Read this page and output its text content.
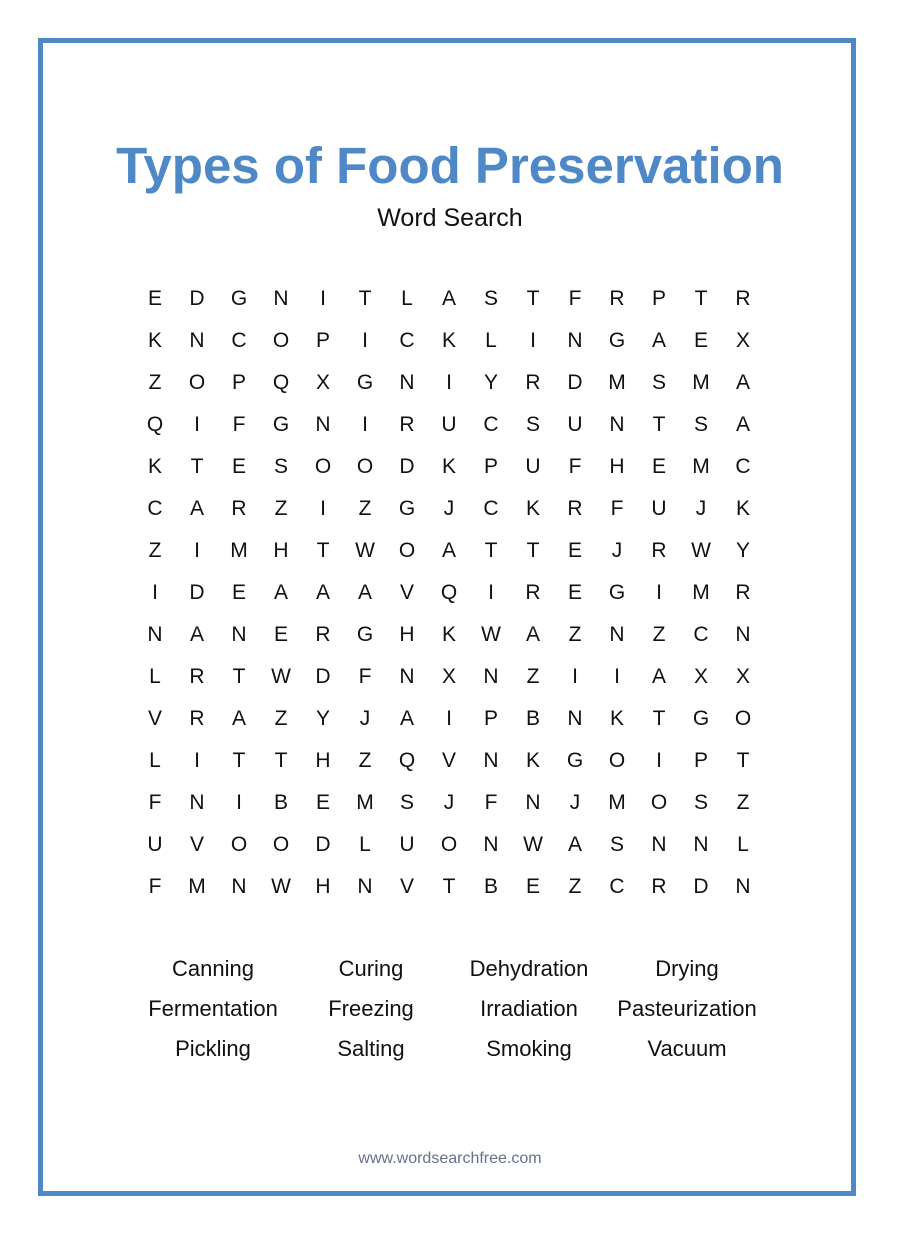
Types of Food Preservation
Word Search
E	D	G	N	I	T	L	A	S	T	F	R	P	T	R
K	N	C	O	P	I	C	K	L	I	N	G	A	E	X
Z	O	P	Q	X	G	N	I	Y	R	D	M	S	M	A
Q	I	F	G	N	I	R	U	C	S	U	N	T	S	A
K	T	E	S	O	O	D	K	P	U	F	H	E	M	C
C	A	R	Z	I	Z	G	J	C	K	R	F	U	J	K
Z	I	M	H	T	W	O	A	T	T	E	J	R	W	Y
I	D	E	A	A	A	V	Q	I	R	E	G	I	M	R
N	A	N	E	R	G	H	K	W	A	Z	N	Z	C	N
L	R	T	W	D	F	N	X	N	Z	I	I	A	X	X
V	R	A	Z	Y	J	A	I	P	B	N	K	T	G	O
L	I	T	T	H	Z	Q	V	N	K	G	O	I	P	T
F	N	I	B	E	M	S	J	F	N	J	M	O	S	Z
U	V	O	O	D	L	U	O	N	W	A	S	N	N	L
F	M	N	W	H	N	V	T	B	E	Z	C	R	D	N
Canning	Curing	Dehydration	Drying
Fermentation	Freezing	Irradiation	Pasteurization
Pickling	Salting	Smoking	Vacuum
www.wordsearchfree.com
